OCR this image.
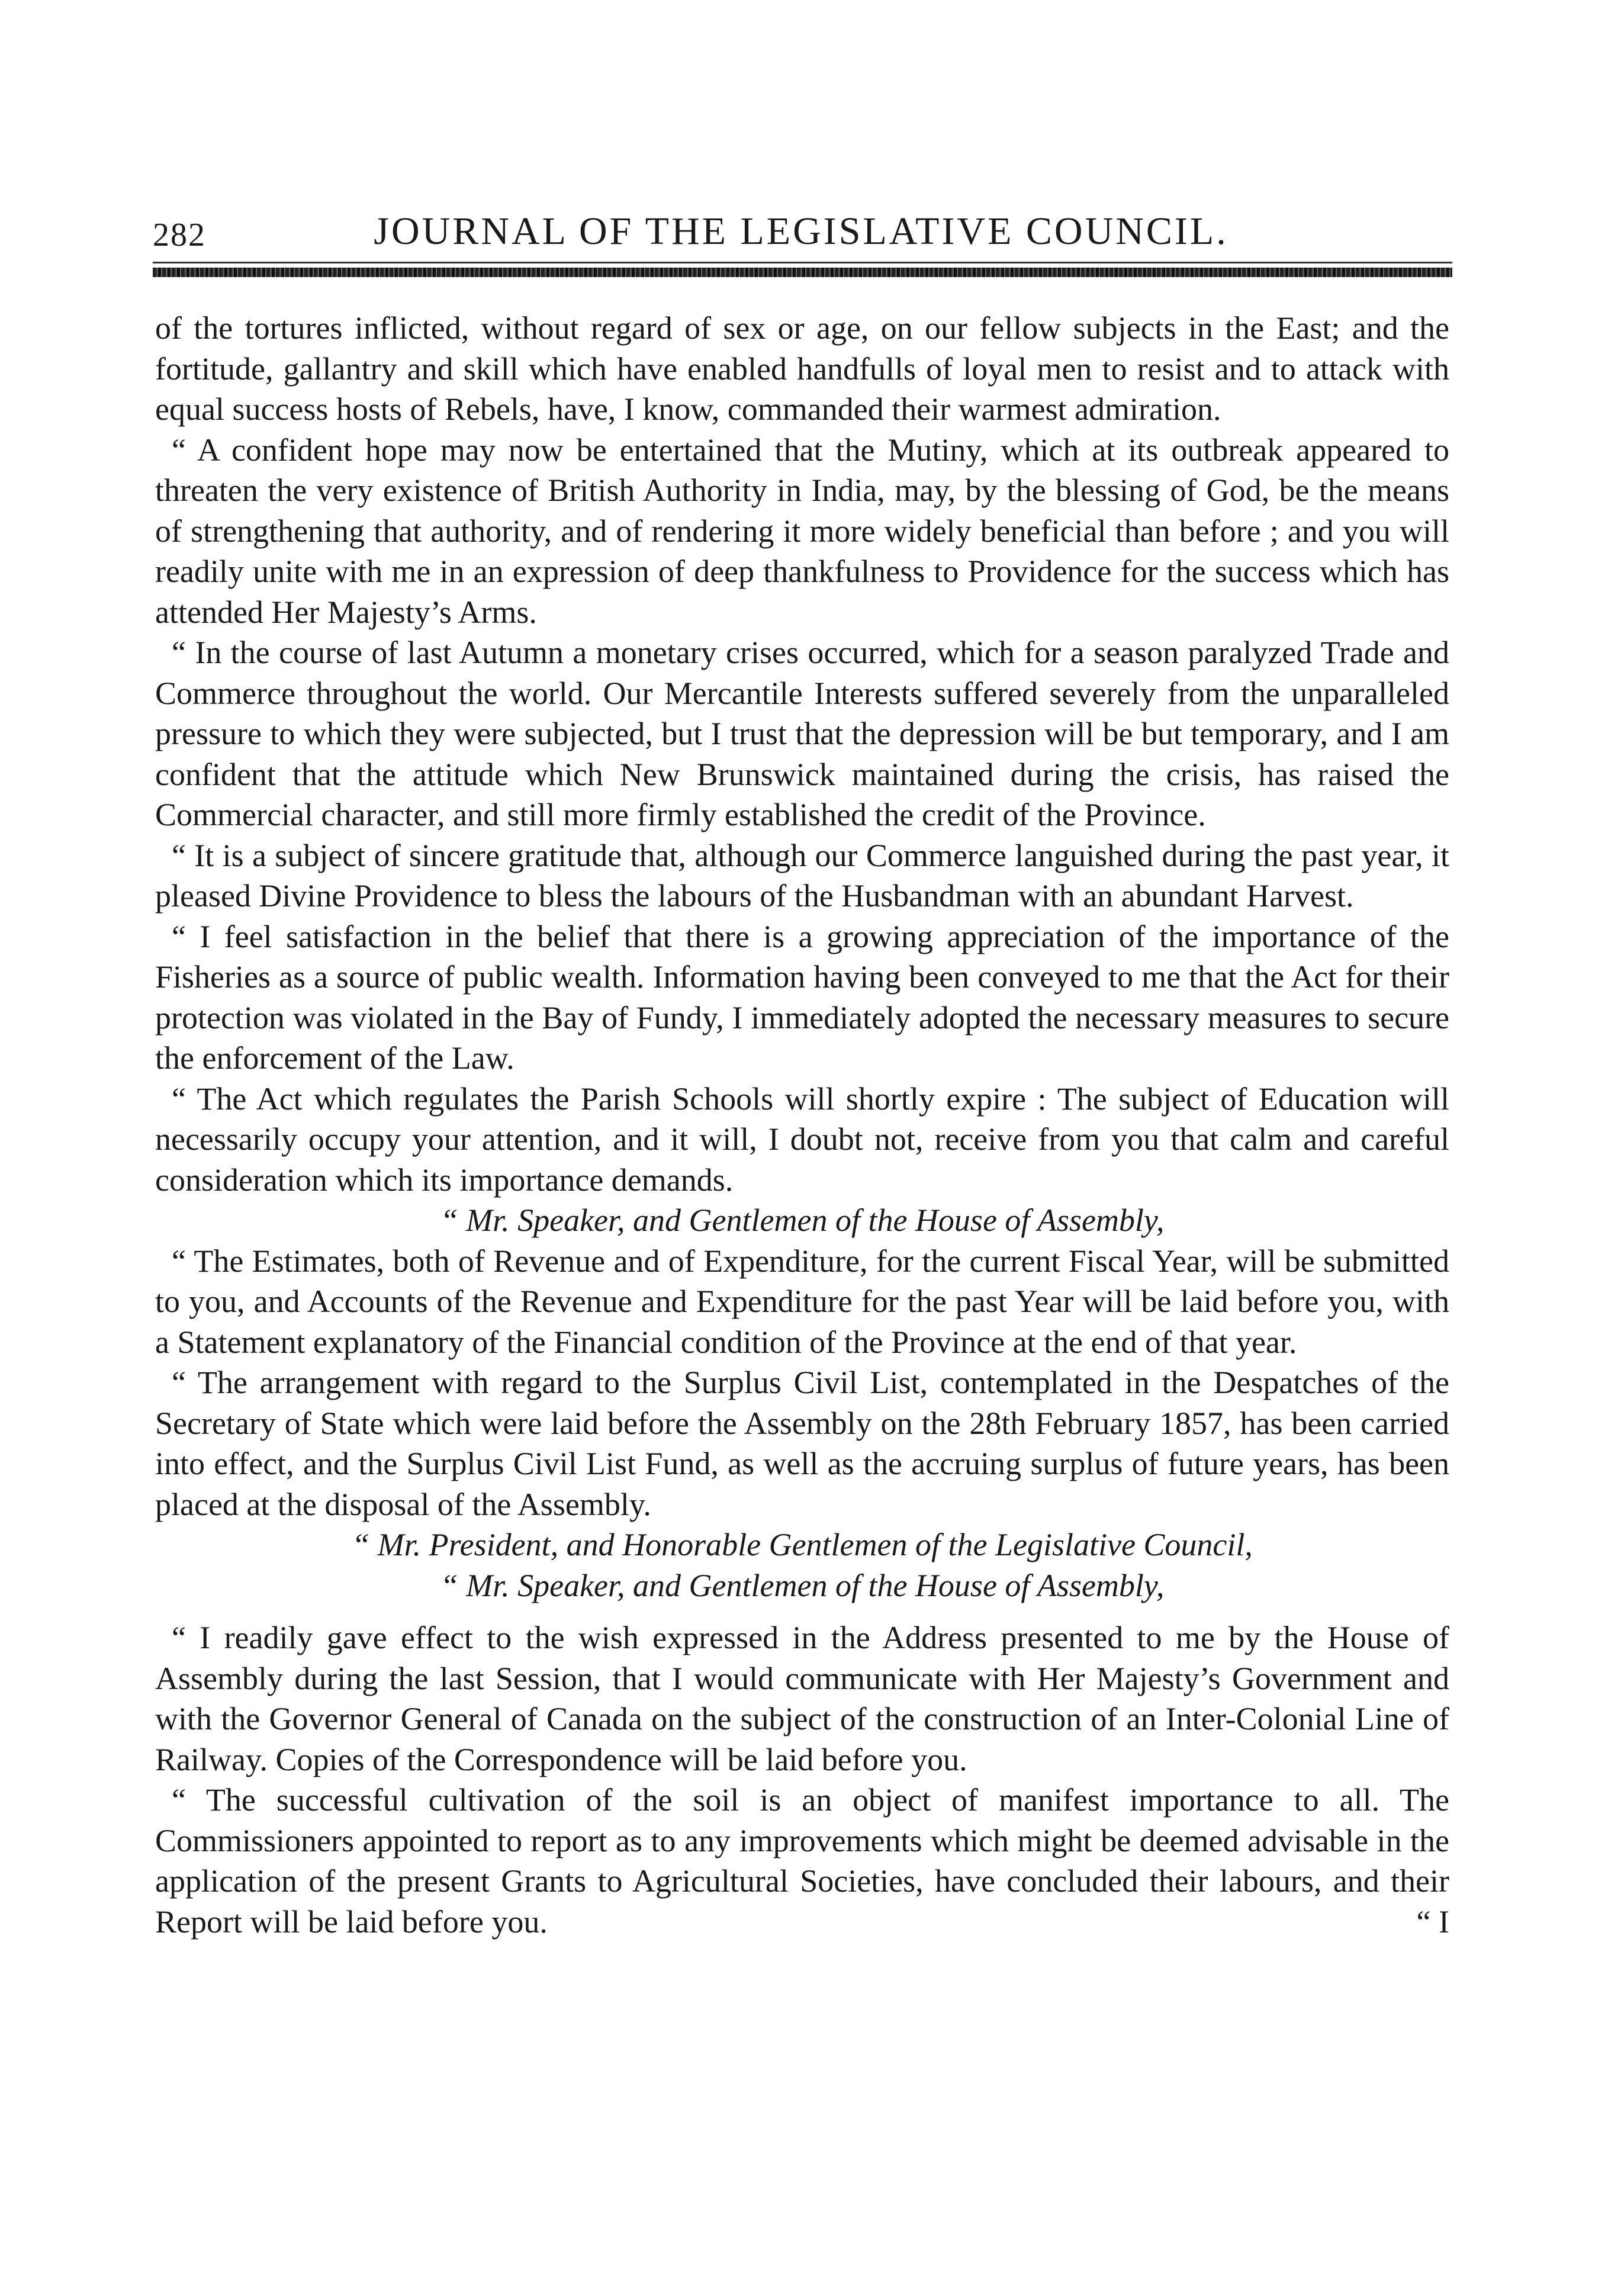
282	JOURNAL OF THE LEGISLATIVE COUNCIL.

of the tortures inflicted, without regard of sex or age, on our fellow subjects in the East; and the fortitude, gallantry and skill which have enabled handfulls of loyal men to resist and to attack with equal success hosts of Rebels, have, I know, commanded their warmest admiration.

“ A confident hope may now be entertained that the Mutiny, which at its outbreak appeared to threaten the very existence of British Authority in India, may, by the blessing of God, be the means of strengthening that authority, and of rendering it more widely beneficial than before ; and you will readily unite with me in an expression of deep thankfulness to Providence for the success which has attended Her Majesty’s Arms.

“ In the course of last Autumn a monetary crises occurred, which for a season paralyzed Trade and Commerce throughout the world. Our Mercantile Interests suffered severely from the unparalleled pressure to which they were subjected, but I trust that the depression will be but temporary, and I am confident that the attitude which New Brunswick maintained during the crisis, has raised the Commercial character, and still more firmly established the credit of the Province.

“ It is a subject of sincere gratitude that, although our Commerce languished during the past year, it pleased Divine Providence to bless the labours of the Husbandman with an abundant Harvest.

“ I feel satisfaction in the belief that there is a growing appreciation of the importance of the Fisheries as a source of public wealth. Information having been conveyed to me that the Act for their protection was violated in the Bay of Fundy, I immediately adopted the necessary measures to secure the enforcement of the Law.

“ The Act which regulates the Parish Schools will shortly expire : The subject of Education will necessarily occupy your attention, and it will, I doubt not, receive from you that calm and careful consideration which its importance demands.

“ Mr. Speaker, and Gentlemen of the House of Assembly,

“ The Estimates, both of Revenue and of Expenditure, for the current Fiscal Year, will be submitted to you, and Accounts of the Revenue and Expenditure for the past Year will be laid before you, with a Statement explanatory of the Financial condition of the Province at the end of that year.

“ The arrangement with regard to the Surplus Civil List, contemplated in the Despatches of the Secretary of State which were laid before the Assembly on the 28th February 1857, has been carried into effect, and the Surplus Civil List Fund, as well as the accruing surplus of future years, has been placed at the disposal of the Assembly.

“ Mr. President, and Honorable Gentlemen of the Legislative Council,

“ Mr. Speaker, and Gentlemen of the House of Assembly,

“ I readily gave effect to the wish expressed in the Address presented to me by the House of Assembly during the last Session, that I would communicate with Her Majesty’s Government and with the Governor General of Canada on the subject of the construction of an Inter-Colonial Line of Railway. Copies of the Correspondence will be laid before you.

“ The successful cultivation of the soil is an object of manifest importance to all. The Commissioners appointed to report as to any improvements which might be deemed advisable in the application of the present Grants to Agricultural Societies, have concluded their labours, and their Report will be laid before you.	“ I
